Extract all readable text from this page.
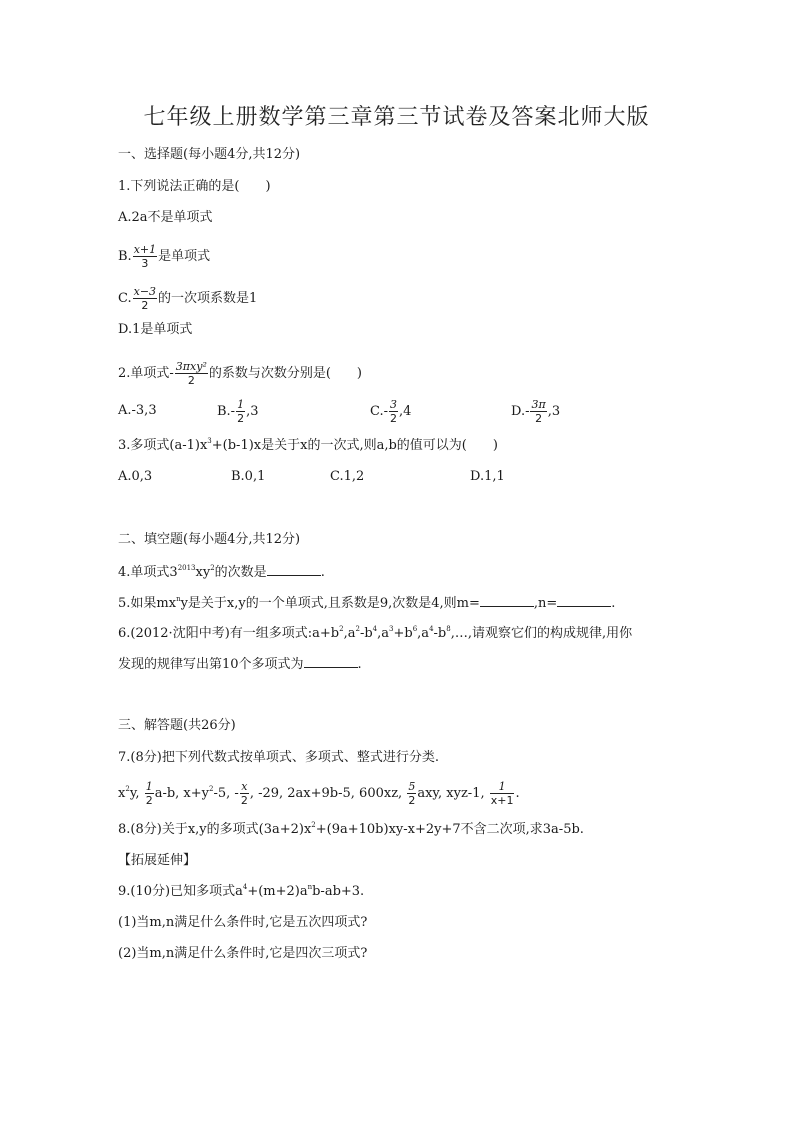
七年级上册数学第三章第三节试卷及答案北师大版
一、选择题(每小题4分,共12分)
1.下列说法正确的是(　　)
A.2a不是单项式
B. $\frac{x+1}{3}$ 是单项式
C. $\frac{x-3}{2}$ 的一次项系数是1
D.1是单项式
2.单项式- $\frac{\text{3πxy²}}{2}$ 的系数与次数分别是(　　)
A.-3,3	$B.- \frac{1}{2} ,3$	$C.- \frac{3}{2} ,4$	$D.- \frac{3\pi}{2} ,3$
3.多项式$(a-1)x^3+(b-1)x$是关于x的一次式,则a,b的值可以为(　　)
A.0,3	B.0,1	C.1,2	D.1,1
二、填空题(每小题4分,共12分)
4.单项式$3^{2013}xy^2$的次数是	.
5.如果$mx^ny$是关于x,y的一个单项式,且系数是9,次数是4,则m=	,n=	.
6.(2012·沈阳中考)有一组多项式$:a+b^2,a^2-b^4,a^3+b^6,a^4-b^8,\dots$,请观察它们的构成规律,用你
发现的规律写出第10个多项式为	.
三、解答题(共26分)
7.(8分)把下列代数式按单项式、多项式、整式进行分类.
$x^2y$, $\frac{1}{2} a-b$, $x+y^2-5$, - $\frac{x}{2}$ , -29, 2ax+9b-5, 600xz, $\frac{5}{2}$ axy, xyz-1, $\frac{1}{x+1}$ .
8.(8分)关于x,y的多项式$(3a+2)x^2+(9a+10b)xy-x+2y+7$不含二次项,求3a-5b.
【拓展延伸】
9.(10分)已知多项式$a^4+(m+2)a^nb-ab+3$.
(1)当m,n满足什么条件时,它是五次四项式?
(2)当m,n满足什么条件时,它是四次三项式?
